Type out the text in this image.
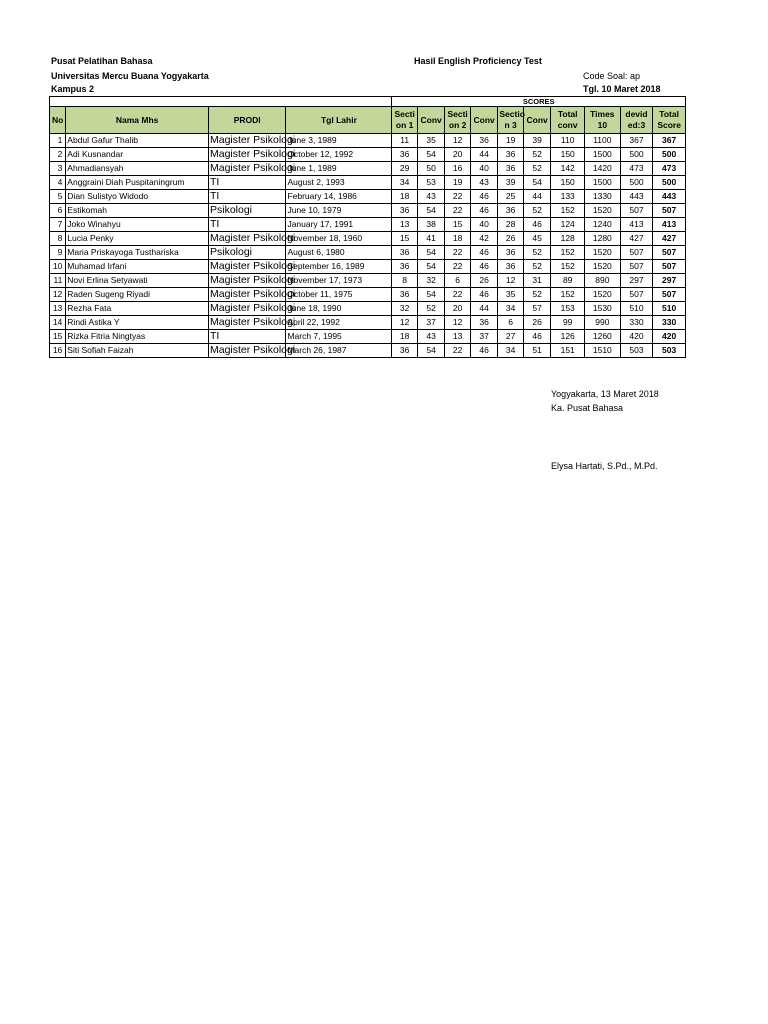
Pusat Pelatihan Bahasa
Universitas Mercu Buana Yogyakarta
Kampus 2
Hasil English Proficiency Test
Code Soal: ap
Tgl. 10 Maret 2018
				SCORES									
No	Nama Mhs	PRODI	Tgl Lahir	Secti on 1	Conv	Secti on 2	Conv	Sectio n 3	Conv	Total conv	Times 10	devid ed:3	Total Score
1	Abdul Gafur Thalib	Magister Psikologi	June 3, 1989	11	35	12	36	19	39	110	1100	367	367
2	Adi Kusnandar	Magister Psikologi	October 12, 1992	36	54	20	44	36	52	150	1500	500	500
3	Ahmadiansyah	Magister Psikologi	June 1, 1989	29	50	16	40	36	52	142	1420	473	473
4	Anggraini Diah Puspitaningrum	TI	August 2, 1993	34	53	19	43	39	54	150	1500	500	500
5	Dian Sulistyo Widodo	TI	February 14, 1986	18	43	22	46	25	44	133	1330	443	443
6	Estikomah	Psikologi	June 10, 1979	36	54	22	46	36	52	152	1520	507	507
7	Joko Winahyu	TI	January 17, 1991	13	38	15	40	28	46	124	1240	413	413
8	Lucia Penky	Magister Psikologi	November 18, 1960	15	41	18	42	26	45	128	1280	427	427
9	Maria Priskayoga Tusthariska	Psikologi	August 6, 1980	36	54	22	46	36	52	152	1520	507	507
10	Muhamad Irfani	Magister Psikologi	September 16, 1989	36	54	22	46	36	52	152	1520	507	507
11	Novi Erlina Setyawati	Magister Psikologi	November 17, 1973	8	32	6	26	12	31	89	890	297	297
12	Raden Sugeng Riyadi	Magister Psikologi	October 11, 1975	36	54	22	46	35	52	152	1520	507	507
13	Rezha Fata	Magister Psikologi	June 18, 1990	32	52	20	44	34	57	153	1530	510	510
14	Rindi Astika Y	Magister Psikologi	April 22, 1992	12	37	12	36	6	26	99	990	330	330
15	Rizka Fitria Ningtyas	TI	March 7, 1995	18	43	13	37	27	46	126	1260	420	420
16	Siti Sofiah Faizah	Magister Psikologi	March 26, 1987	36	54	22	46	34	51	151	1510	503	503
Yogyakarta, 13 Maret 2018
Ka. Pusat Bahasa
Elysa Hartati, S.Pd., M.Pd.
